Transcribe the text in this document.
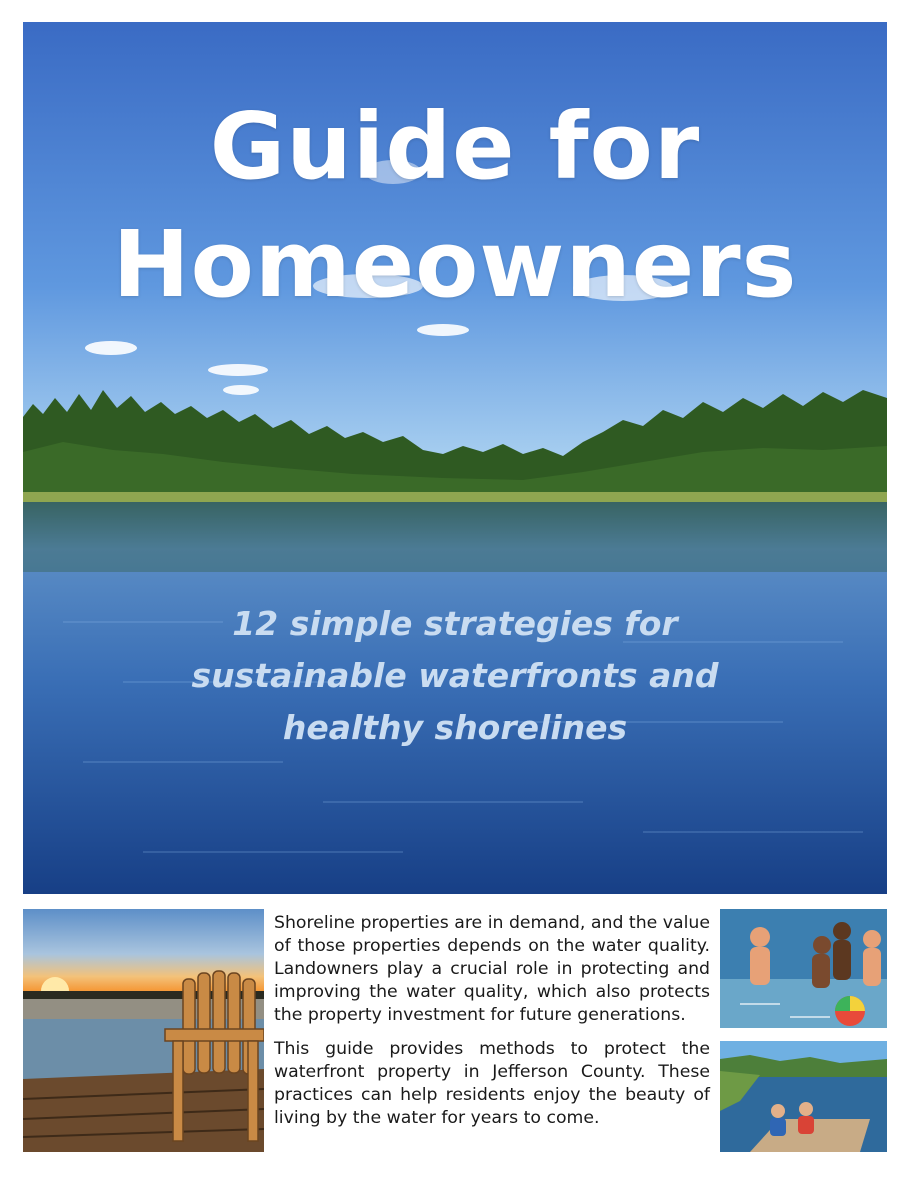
Guide for
Homeowners
12 simple strategies for
sustainable waterfronts and
healthy shorelines

Shoreline properties are in demand, and the value of those properties depends on the water quality. Landowners play a crucial role in protecting and improving the water quality, which also protects the property investment for future generations.

This guide provides methods to protect the waterfront property in Jefferson County. These practices can help residents enjoy the beauty of living by the water for years to come.
